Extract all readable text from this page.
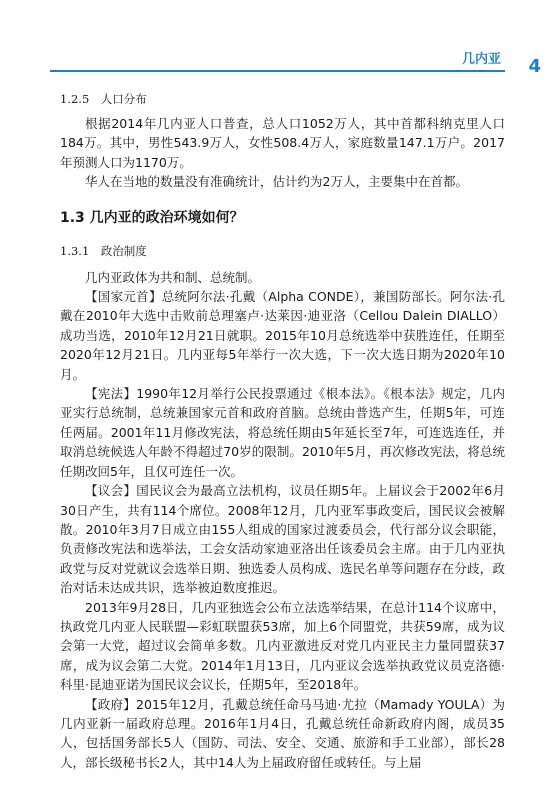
几内亚 4
1.2.5　人口分布

根据2014年几内亚人口普查，总人口1052万人，其中首都科纳克里人口184万。其中，男性543.9万人，女性508.4万人，家庭数量147.1万户。2017年预测人口为1170万。

华人在当地的数量没有准确统计，估计约为2万人，主要集中在首都。

1.3 几内亚的政治环境如何？
1.3.1　政治制度

几内亚政体为共和制、总统制。

【国家元首】总统阿尔法·孔戴（Alpha CONDE），兼国防部长。阿尔法·孔戴在2010年大选中击败前总理塞卢·达莱因·迪亚洛（Cellou Dalein DIALLO）成功当选，2010年12月21日就职。2015年10月总统选举中获胜连任，任期至2020年12月21日。几内亚每5年举行一次大选，下一次大选日期为2020年10月。

【宪法】1990年12月举行公民投票通过《根本法》。《根本法》规定，几内亚实行总统制，总统兼国家元首和政府首脑。总统由普选产生，任期5年，可连任两届。2001年11月修改宪法，将总统任期由5年延长至7年，可连选连任，并取消总统候选人年龄不得超过70岁的限制。2010年5月，再次修改宪法，将总统任期改回5年，且仅可连任一次。

【议会】国民议会为最高立法机构，议员任期5年。上届议会于2002年6月30日产生，共有114个席位。2008年12月，几内亚军事政变后，国民议会被解散。2010年3月7日成立由155人组成的国家过渡委员会，代行部分议会职能，负责修改宪法和选举法，工会女活动家迪亚洛出任该委员会主席。由于几内亚执政党与反对党就议会选举日期、独选委人员构成、选民名单等问题存在分歧，政治对话未达成共识，选举被迫数度推迟。

2013年9月28日，几内亚独选会公布立法选举结果，在总计114个议席中，执政党几内亚人民联盟—彩虹联盟获53席，加上6个同盟党，共获59席，成为议会第一大党，超过议会简单多数。几内亚激进反对党几内亚民主力量同盟获37席，成为议会第二大党。2014年1月13日，几内亚议会选举执政党议员克洛德·科里·昆迪亚诺为国民议会议长，任期5年，至2018年。

【政府】2015年12月，孔戴总统任命马马迪·尤拉（Mamady YOULA）为几内亚新一届政府总理。2016年1月4日，孔戴总统任命新政府内阁，成员35人，包括国务部长5人（国防、司法、安全、交通、旅游和手工业部），部长28人，部长级秘书长2人，其中14人为上届政府留任或转任。与上届
